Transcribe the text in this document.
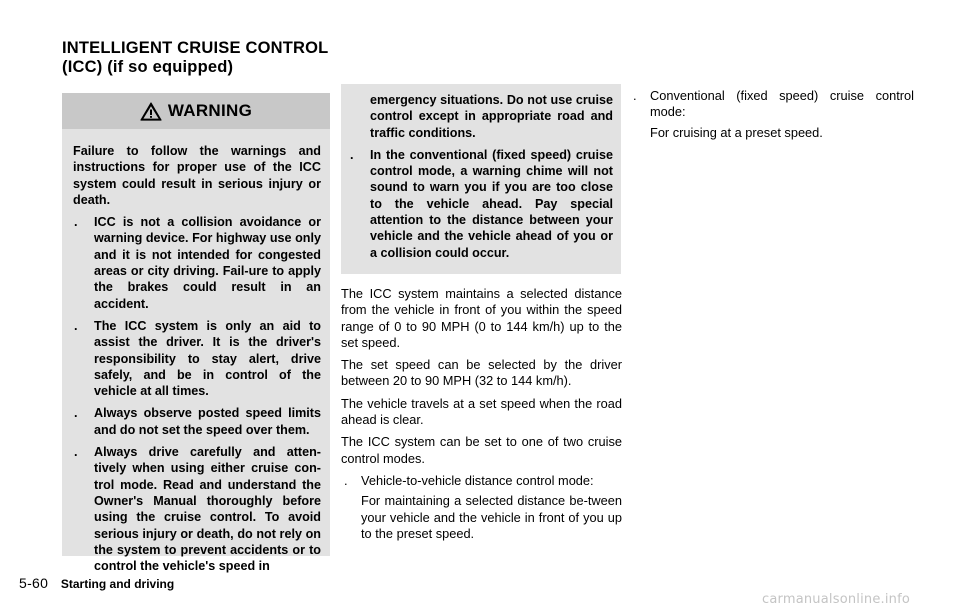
INTELLIGENT CRUISE CONTROL
(ICC) (if so equipped)
WARNING

Failure to follow the warnings and instructions for proper use of the ICC system could result in serious injury or death.

. ICC is not a collision avoidance or warning device. For highway use only and it is not intended for congested areas or city driving. Fail-ure to apply the brakes could result in an accident.
. The ICC system is only an aid to assist the driver. It is the driver's responsibility to stay alert, drive safely, and be in control of the vehicle at all times.
. Always observe posted speed limits and do not set the speed over them.
. Always drive carefully and atten-tively when using either cruise con-trol mode. Read and understand the Owner's Manual thoroughly before using the cruise control. To avoid serious injury or death, do not rely on the system to prevent accidents or to control the vehicle's speed in

emergency situations. Do not use cruise control except in appropriate road and traffic conditions.

. In the conventional (fixed speed) cruise control mode, a warning chime will not sound to warn you if you are too close to the vehicle ahead. Pay special attention to the distance between your vehicle and the vehicle ahead of you or a collision could occur.

The ICC system maintains a selected distance from the vehicle in front of you within the speed range of 0 to 90 MPH (0 to 144 km/h) up to the set speed.

The set speed can be selected by the driver between 20 to 90 MPH (32 to 144 km/h).

The vehicle travels at a set speed when the road ahead is clear.

The ICC system can be set to one of two cruise control modes.

. Vehicle-to-vehicle distance control mode:

For maintaining a selected distance be-tween your vehicle and the vehicle in front of you up to the preset speed.

. Conventional (fixed speed) cruise control mode:

For cruising at a preset speed.

5-60 Starting and driving
carmanualsonline.info
